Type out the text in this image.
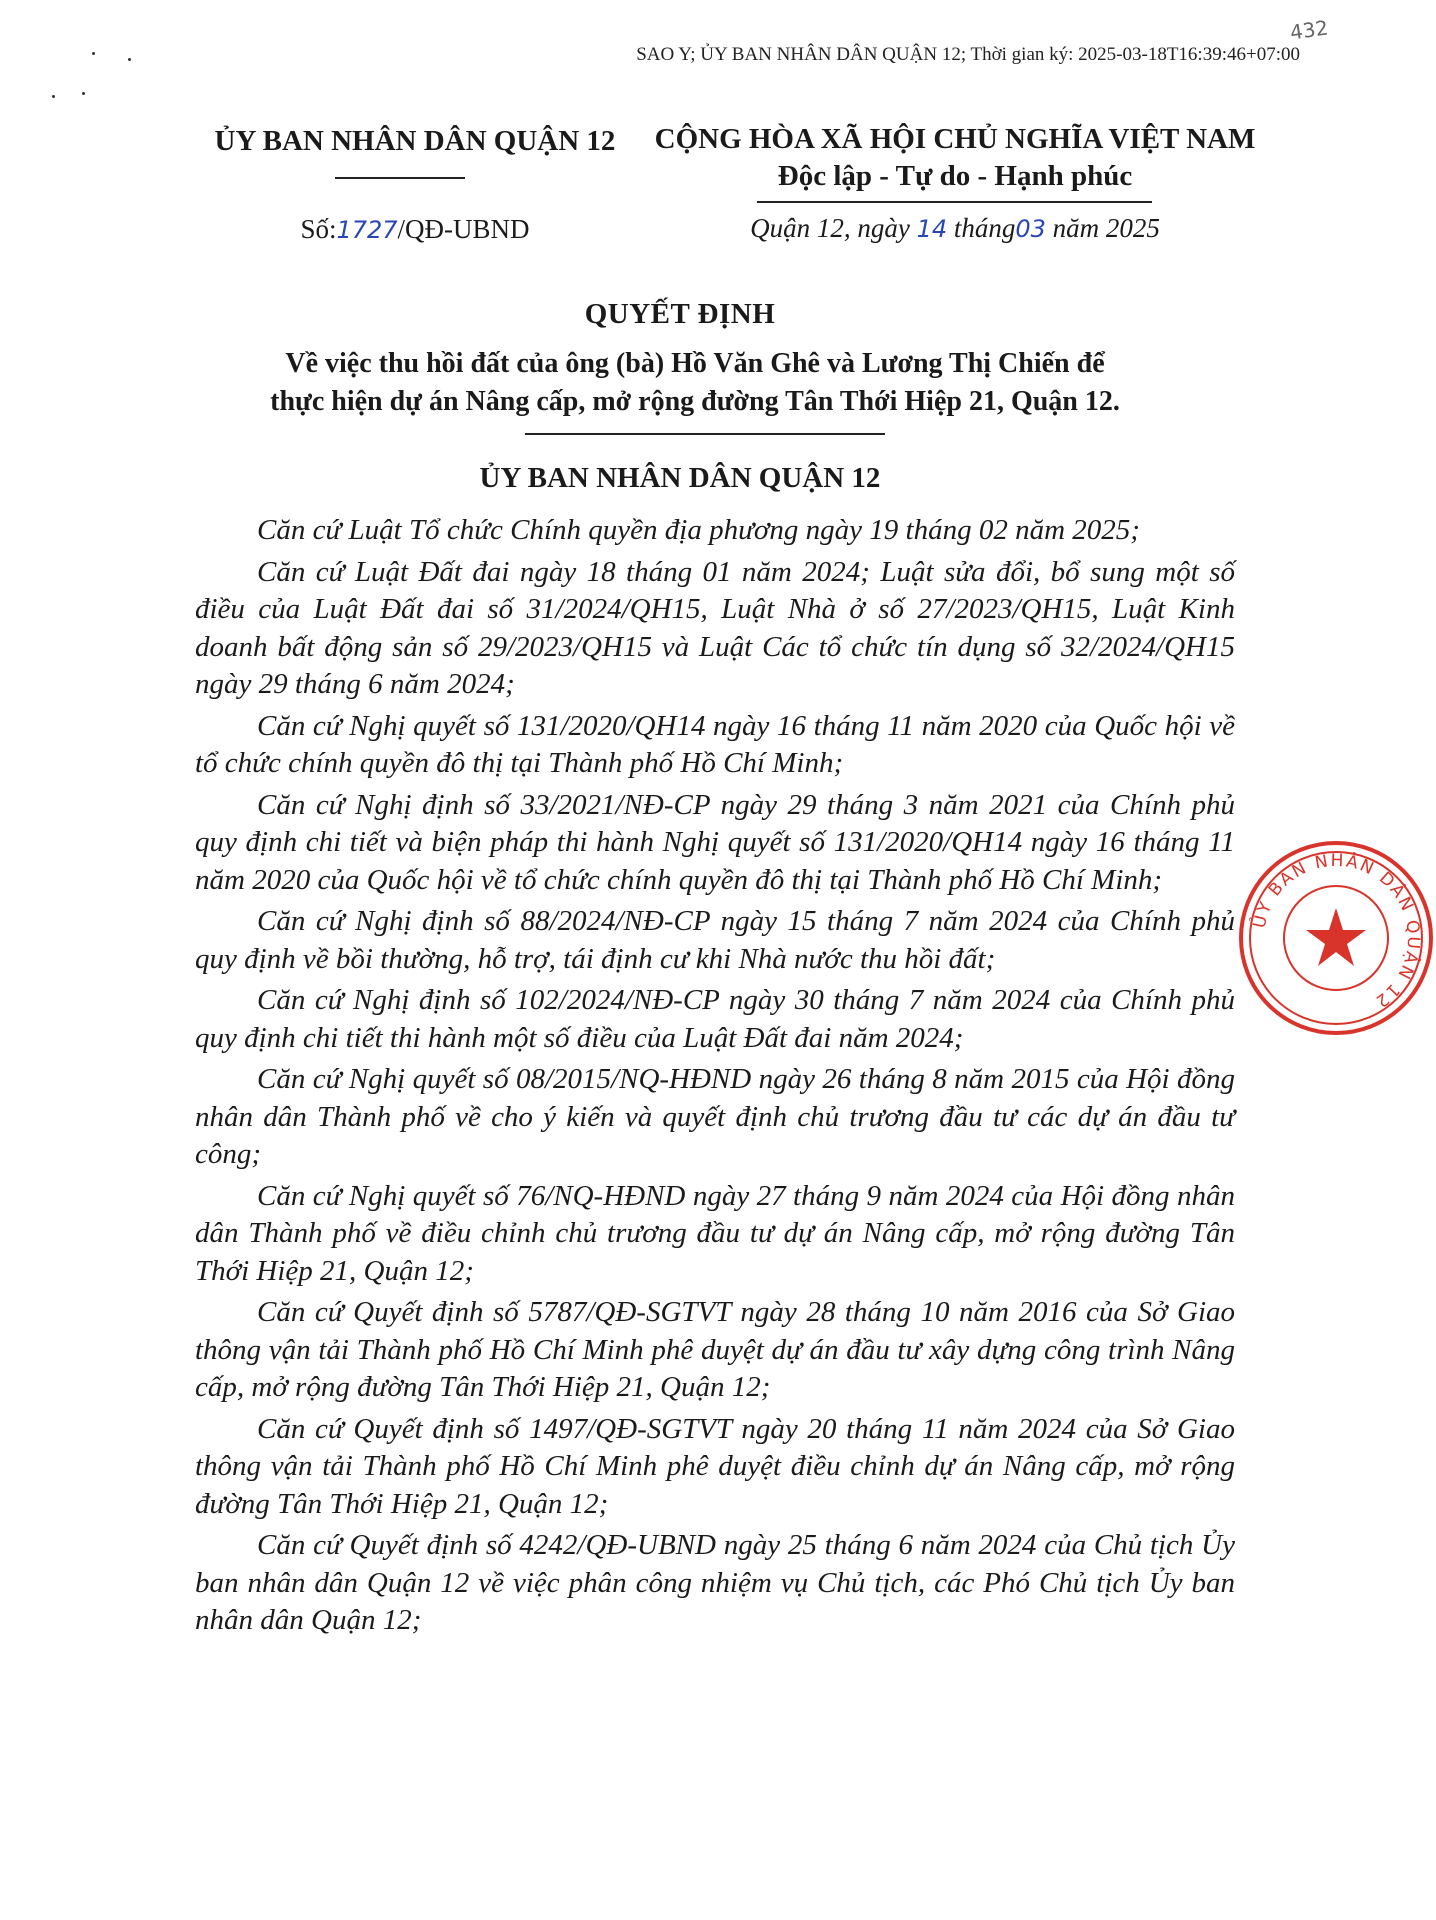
SAO Y; ỦY BAN NHÂN DÂN QUẬN 12; Thời gian ký: 2025-03-18T16:39:46+07:00
432
ỦY BAN NHÂN DÂN QUẬN 12
Số:1727/QĐ-UBND
CỘNG HÒA XÃ HỘI CHỦ NGHĨA VIỆT NAM
Độc lập - Tự do - Hạnh phúc
Quận 12, ngày 14 tháng03 năm 2025
QUYẾT ĐỊNH
Về việc thu hồi đất của ông (bà) Hồ Văn Ghê và Lương Thị Chiến để
thực hiện dự án Nâng cấp, mở rộng đường Tân Thới Hiệp 21, Quận 12.
ỦY BAN NHÂN DÂN QUẬN 12

Căn cứ Luật Tổ chức Chính quyền địa phương ngày 19 tháng 02 năm 2025;

Căn cứ Luật Đất đai ngày 18 tháng 01 năm 2024; Luật sửa đổi, bổ sung một số điều của Luật Đất đai số 31/2024/QH15, Luật Nhà ở số 27/2023/QH15, Luật Kinh doanh bất động sản số 29/2023/QH15 và Luật Các tổ chức tín dụng số 32/2024/QH15 ngày 29 tháng 6 năm 2024;

Căn cứ Nghị quyết số 131/2020/QH14 ngày 16 tháng 11 năm 2020 của Quốc hội về tổ chức chính quyền đô thị tại Thành phố Hồ Chí Minh;

Căn cứ Nghị định số 33/2021/NĐ-CP ngày 29 tháng 3 năm 2021 của Chính phủ quy định chi tiết và biện pháp thi hành Nghị quyết số 131/2020/QH14 ngày 16 tháng 11 năm 2020 của Quốc hội về tổ chức chính quyền đô thị tại Thành phố Hồ Chí Minh;

Căn cứ Nghị định số 88/2024/NĐ-CP ngày 15 tháng 7 năm 2024 của Chính phủ quy định về bồi thường, hỗ trợ, tái định cư khi Nhà nước thu hồi đất;

Căn cứ Nghị định số 102/2024/NĐ-CP ngày 30 tháng 7 năm 2024 của Chính phủ quy định chi tiết thi hành một số điều của Luật Đất đai năm 2024;

Căn cứ Nghị quyết số 08/2015/NQ-HĐND ngày 26 tháng 8 năm 2015 của Hội đồng nhân dân Thành phố về cho ý kiến và quyết định chủ trương đầu tư các dự án đầu tư công;

Căn cứ Nghị quyết số 76/NQ-HĐND ngày 27 tháng 9 năm 2024 của Hội đồng nhân dân Thành phố về điều chỉnh chủ trương đầu tư dự án Nâng cấp, mở rộng đường Tân Thới Hiệp 21, Quận 12;

Căn cứ Quyết định số 5787/QĐ-SGTVT ngày 28 tháng 10 năm 2016 của Sở Giao thông vận tải Thành phố Hồ Chí Minh phê duyệt dự án đầu tư xây dựng công trình Nâng cấp, mở rộng đường Tân Thới Hiệp 21, Quận 12;

Căn cứ Quyết định số 1497/QĐ-SGTVT ngày 20 tháng 11 năm 2024 của Sở Giao thông vận tải Thành phố Hồ Chí Minh phê duyệt điều chỉnh dự án Nâng cấp, mở rộng đường Tân Thới Hiệp 21, Quận 12;

Căn cứ Quyết định số 4242/QĐ-UBND ngày 25 tháng 6 năm 2024 của Chủ tịch Ủy ban nhân dân Quận 12 về việc phân công nhiệm vụ Chủ tịch, các Phó Chủ tịch Ủy ban nhân dân Quận 12;

ỦY BAN NHÂN DÂN QUẬN 12
